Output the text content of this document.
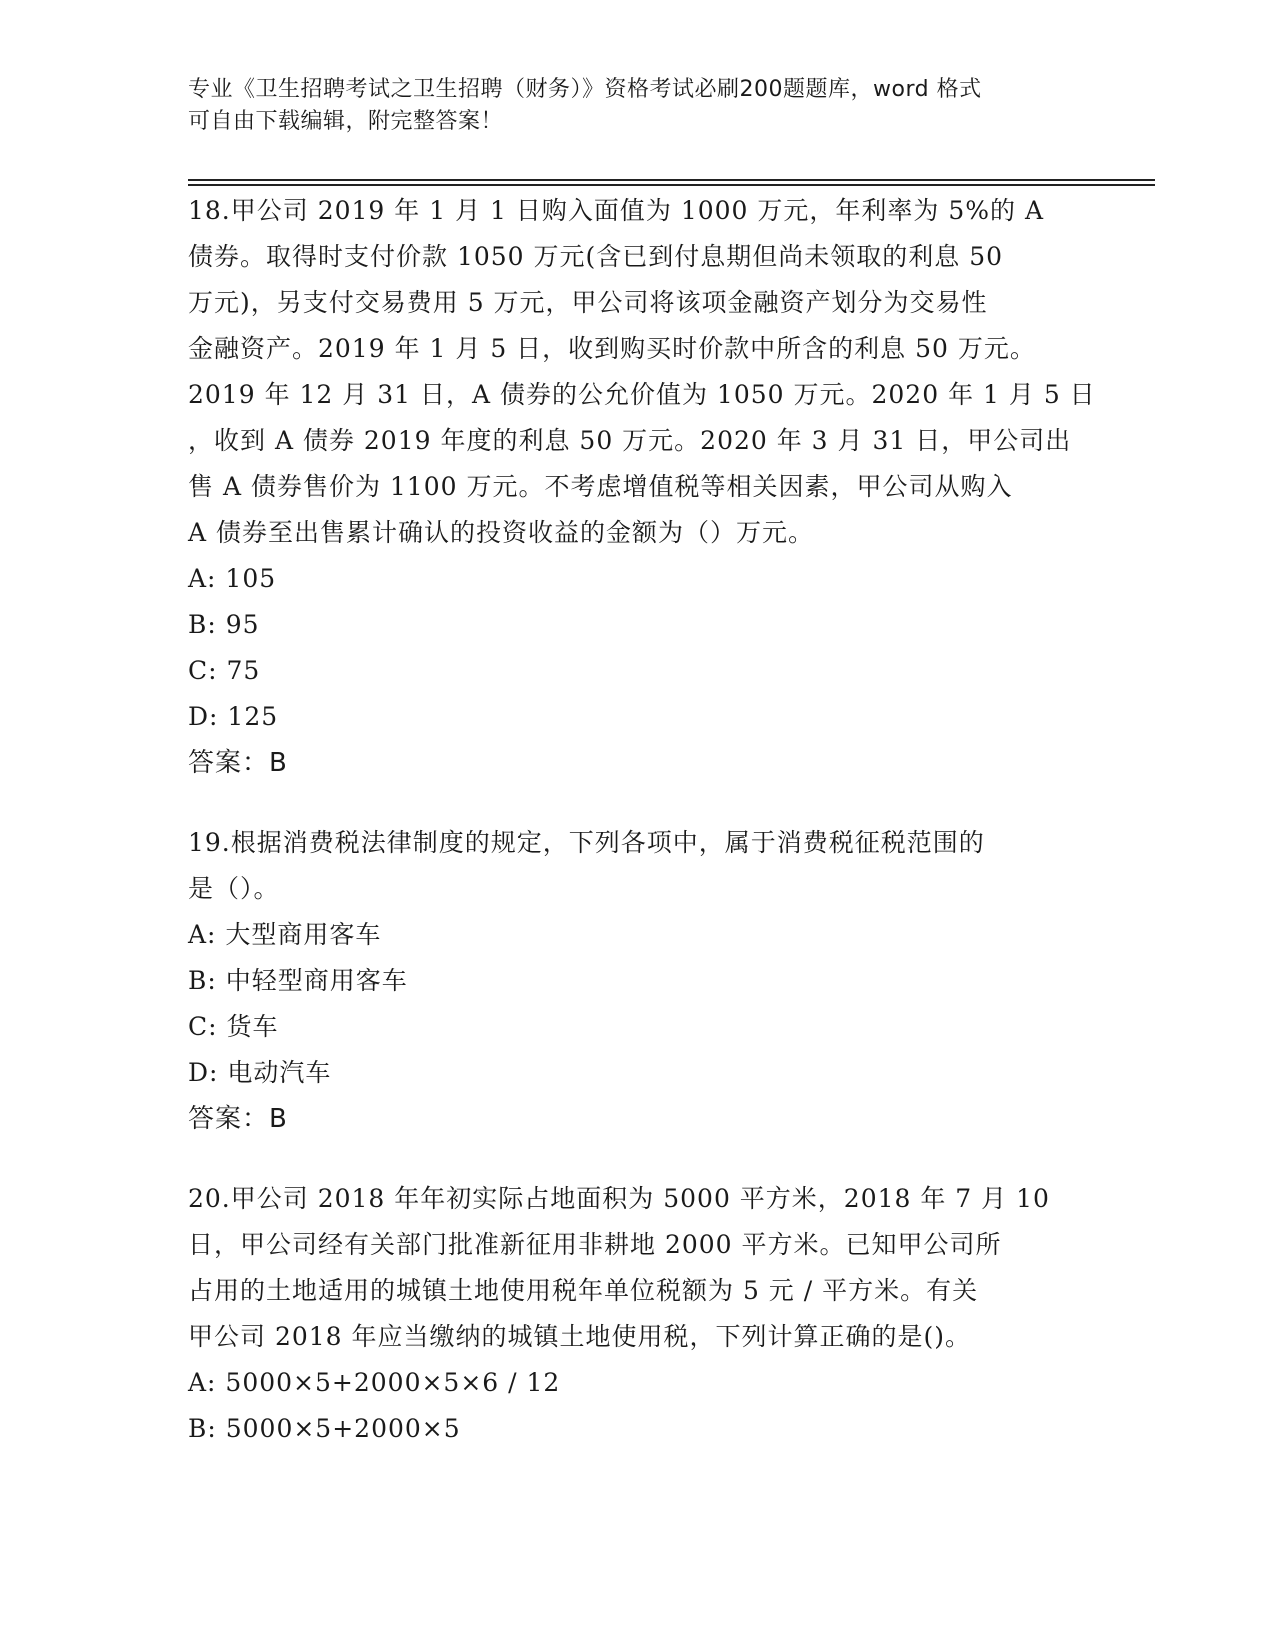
专业《卫生招聘考试之卫生招聘（财务）》资格考试必刷200题题库，word 格式
可自由下载编辑，附完整答案！
18.甲公司 2019 年 1 月 1 日购入面值为 1000 万元，年利率为 5%的 A
债券。取得时支付价款 1050 万元(含已到付息期但尚未领取的利息 50
万元)，另支付交易费用 5 万元，甲公司将该项金融资产划分为交易性
金融资产。2019 年 1 月 5 日，收到购买时价款中所含的利息 50 万元。
2019 年 12 月 31 日，A 债券的公允价值为 1050 万元。2020 年 1 月 5 日
，收到 A 债券 2019 年度的利息 50 万元。2020 年 3 月 31 日，甲公司出
售 A 债券售价为 1100 万元。不考虑增值税等相关因素，甲公司从购入
A 债券至出售累计确认的投资收益的金额为（）万元。
A: 105
B: 95
C: 75
D: 125
答案：B
19.根据消费税法律制度的规定，下列各项中，属于消费税征税范围的
是（）。
A: 大型商用客车
B: 中轻型商用客车
C: 货车
D: 电动汽车
答案：B
20.甲公司 2018 年年初实际占地面积为 5000 平方米，2018 年 7 月 10
日，甲公司经有关部门批准新征用非耕地 2000 平方米。已知甲公司所
占用的土地适用的城镇土地使用税年单位税额为 5 元 / 平方米。有关
甲公司 2018 年应当缴纳的城镇土地使用税，下列计算正确的是()。
A: 5000×5+2000×5×6 / 12
B: 5000×5+2000×5
